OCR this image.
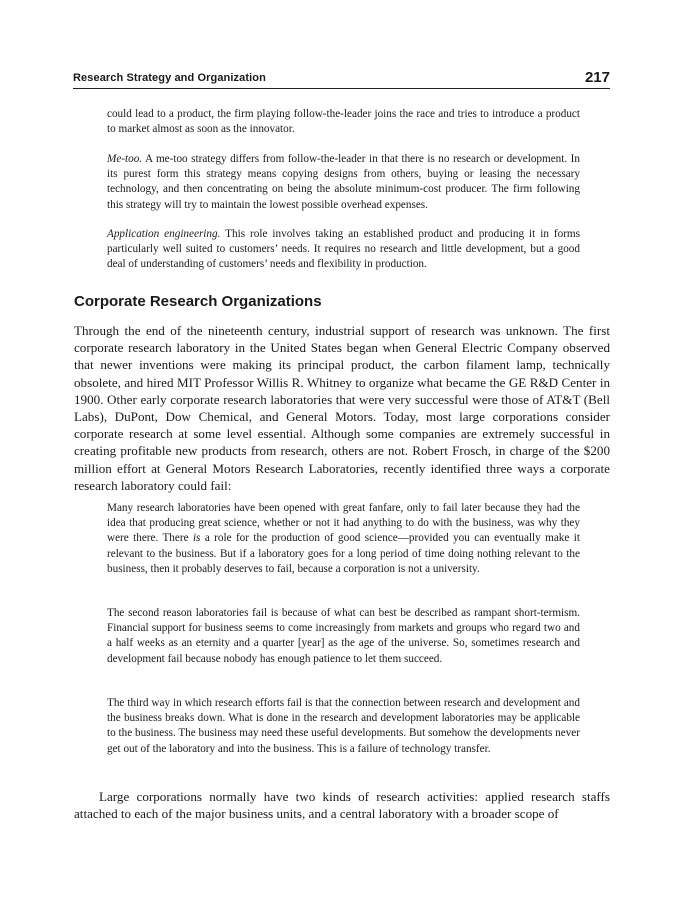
Research Strategy and Organization	217

could lead to a product, the firm playing follow-the-leader joins the race and tries to introduce a product to market almost as soon as the innovator.

Me-too. A me-too strategy differs from follow-the-leader in that there is no research or development. In its purest form this strategy means copying designs from others, buying or leasing the necessary technology, and then concentrating on being the absolute minimum-cost producer. The firm following this strategy will try to maintain the lowest possible overhead expenses.

Application engineering. This role involves taking an established product and producing it in forms particularly well suited to customers’ needs. It requires no research and little development, but a good deal of understanding of customers’ needs and flexibility in production.

Corporate Research Organizations

Through the end of the nineteenth century, industrial support of research was unknown. The first corporate research laboratory in the United States began when General Electric Company observed that newer inventions were making its principal product, the carbon filament lamp, technically obsolete, and hired MIT Professor Willis R. Whitney to organize what became the GE R&D Center in 1900. Other early corporate research laboratories that were very successful were those of AT&T (Bell Labs), DuPont, Dow Chemical, and General Motors. Today, most large corporations consider corporate research at some level essential. Although some companies are extremely successful in creating profitable new products from research, others are not. Robert Frosch, in charge of the $200 million effort at General Motors Research Laboratories, recently identified three ways a corporate research laboratory could fail:

Many research laboratories have been opened with great fanfare, only to fail later because they had the idea that producing great science, whether or not it had anything to do with the business, was why they were there. There is a role for the production of good science—provided you can eventually make it relevant to the business. But if a laboratory goes for a long period of time doing nothing relevant to the business, then it probably deserves to fail, because a corporation is not a university.

The second reason laboratories fail is because of what can best be described as rampant short-termism. Financial support for business seems to come increasingly from markets and groups who regard two and a half weeks as an eternity and a quarter [year] as the age of the universe. So, sometimes research and development fail because nobody has enough patience to let them succeed.

The third way in which research efforts fail is that the connection between research and development and the business breaks down. What is done in the research and development laboratories may be applicable to the business. The business may need these useful developments. But somehow the developments never get out of the laboratory and into the business. This is a failure of technology transfer.

Large corporations normally have two kinds of research activities: applied research staffs attached to each of the major business units, and a central laboratory with a broader scope of
